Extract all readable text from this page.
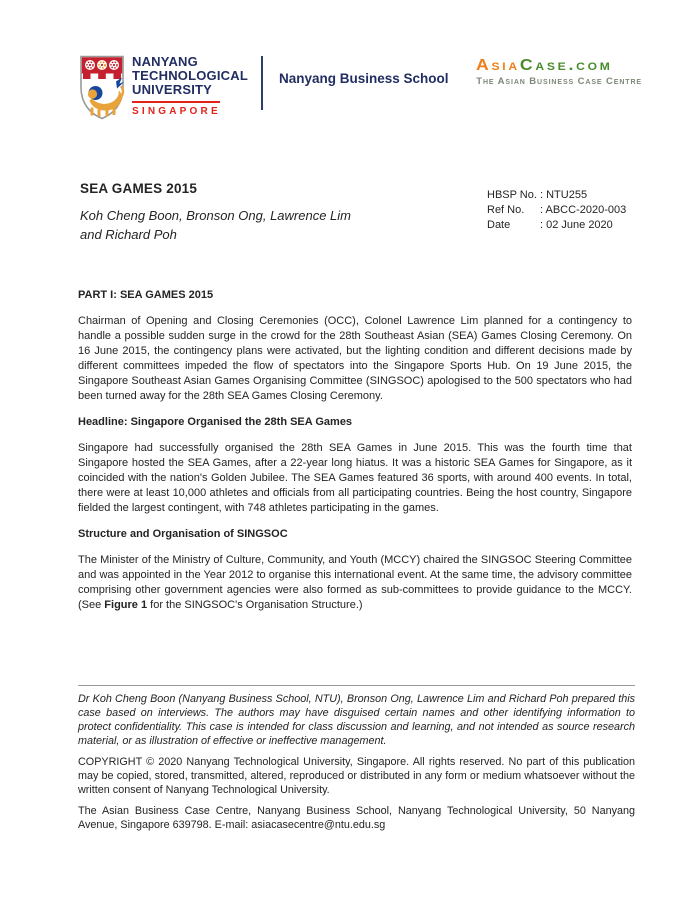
NANYANG
TECHNOLOGICAL
UNIVERSITY
SINGAPORE
Nanyang Business School
AsiaCase.com
The Asian Business Case Centre
SEA GAMES 2015
Koh Cheng Boon, Bronson Ong, Lawrence Lim
and Richard Poh
HBSP No. : NTU255
Ref No.	: ABCC-2020-003
Date	: 02 June 2020
PART I: SEA GAMES 2015

Chairman of Opening and Closing Ceremonies (OCC), Colonel Lawrence Lim planned for a contingency to handle a possible sudden surge in the crowd for the 28th Southeast Asian (SEA) Games Closing Ceremony. On 16 June 2015, the contingency plans were activated, but the lighting condition and different decisions made by different committees impeded the flow of spectators into the Singapore Sports Hub. On 19 June 2015, the Singapore Southeast Asian Games Organising Committee (SINGSOC) apologised to the 500 spectators who had been turned away for the 28th SEA Games Closing Ceremony.

Headline: Singapore Organised the 28th SEA Games

Singapore had successfully organised the 28th SEA Games in June 2015. This was the fourth time that Singapore hosted the SEA Games, after a 22-year long hiatus. It was a historic SEA Games for Singapore, as it coincided with the nation's Golden Jubilee. The SEA Games featured 36 sports, with around 400 events. In total, there were at least 10,000 athletes and officials from all participating countries. Being the host country, Singapore fielded the largest contingent, with 748 athletes participating in the games.

Structure and Organisation of SINGSOC

The Minister of the Ministry of Culture, Community, and Youth (MCCY) chaired the SINGSOC Steering Committee and was appointed in the Year 2012 to organise this international event. At the same time, the advisory committee comprising other government agencies were also formed as sub-committees to provide guidance to the MCCY. (See Figure 1 for the SINGSOC's Organisation Structure.)

Dr Koh Cheng Boon (Nanyang Business School, NTU), Bronson Ong, Lawrence Lim and Richard Poh prepared this case based on interviews. The authors may have disguised certain names and other identifying information to protect confidentiality. This case is intended for class discussion and learning, and not intended as source research material, or as illustration of effective or ineffective management.

COPYRIGHT © 2020 Nanyang Technological University, Singapore. All rights reserved. No part of this publication may be copied, stored, transmitted, altered, reproduced or distributed in any form or medium whatsoever without the written consent of Nanyang Technological University.

The Asian Business Case Centre, Nanyang Business School, Nanyang Technological University, 50 Nanyang Avenue, Singapore 639798. E-mail: asiacasecentre@ntu.edu.sg
